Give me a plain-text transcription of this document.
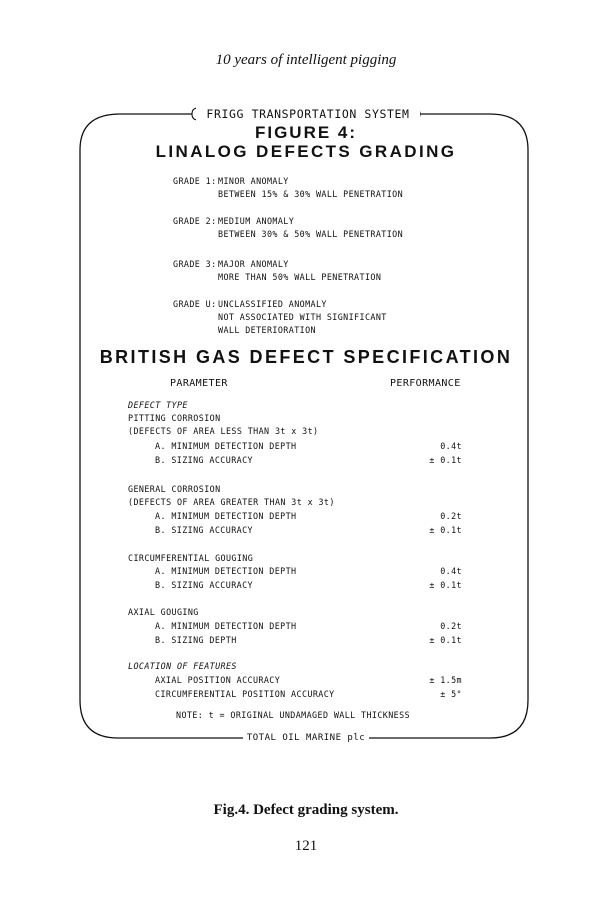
10 years of intelligent pigging
FRIGG TRANSPORTATION SYSTEM
FIGURE 4:
LINALOG DEFECTS GRADING
GRADE 1: MINOR ANOMALY
BETWEEN 15% & 30% WALL PENETRATION
GRADE 2: MEDIUM ANOMALY
BETWEEN 30% & 50% WALL PENETRATION
GRADE 3: MAJOR ANOMALY
MORE THAN 50% WALL PENETRATION
GRADE U: UNCLASSIFIED ANOMALY
NOT ASSOCIATED WITH SIGNIFICANT
WALL DETERIORATION
BRITISH GAS DEFECT SPECIFICATION
PARAMETER	PERFORMANCE
DEFECT TYPE
PITTING CORROSION
(DEFECTS OF AREA LESS THAN 3t x 3t)
A. MINIMUM DETECTION DEPTH	0.4t
B. SIZING ACCURACY	± 0.1t
GENERAL CORROSION
(DEFECTS OF AREA GREATER THAN 3t x 3t)
A. MINIMUM DETECTION DEPTH	0.2t
B. SIZING ACCURACY	± 0.1t
CIRCUMFERENTIAL GOUGING
A. MINIMUM DETECTION DEPTH	0.4t
B. SIZING ACCURACY	± 0.1t
AXIAL GOUGING
A. MINIMUM DETECTION DEPTH	0.2t
B. SIZING DEPTH	± 0.1t
LOCATION OF FEATURES
AXIAL POSITION ACCURACY	± 1.5m
CIRCUMFERENTIAL POSITION ACCURACY	± 5°
NOTE: t = ORIGINAL UNDAMAGED WALL THICKNESS
TOTAL OIL MARINE plc
Fig.4. Defect grading system.
121
